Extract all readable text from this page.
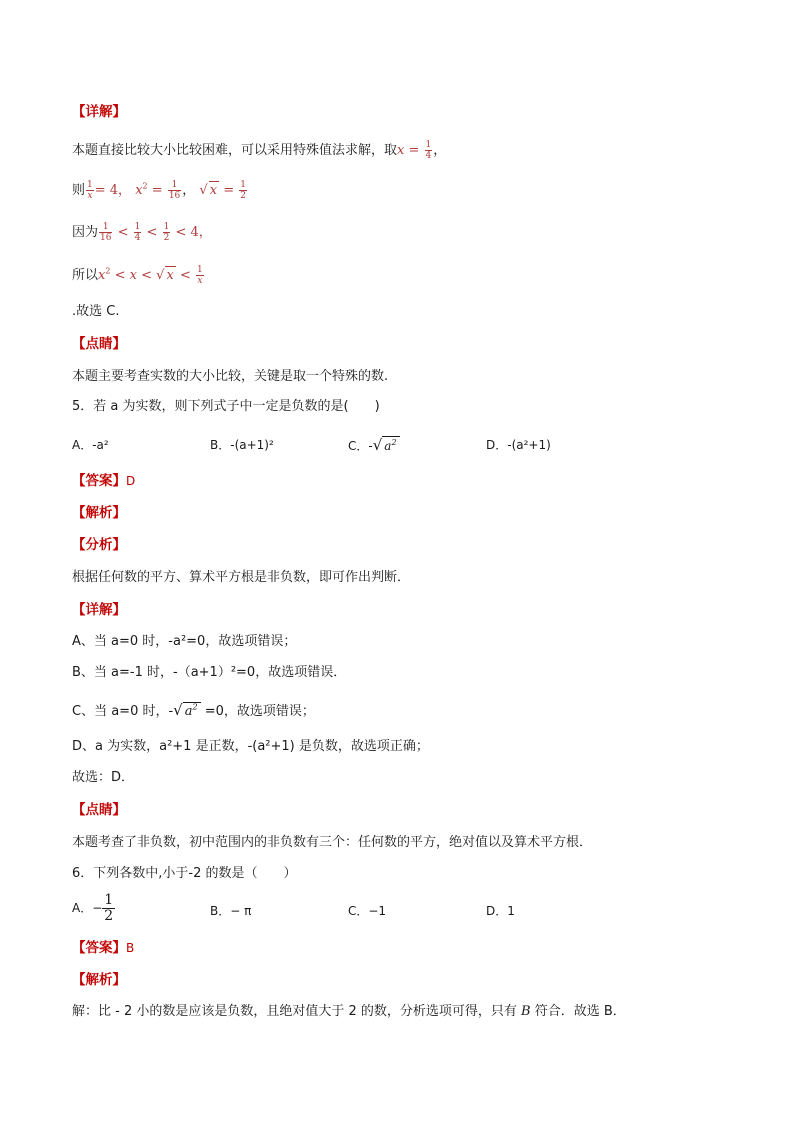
【详解】
本题直接比较大小比较困难，可以采用特殊值法求解，取$x = \frac{1}{4}$ ，
则 $\frac{1}{x} = 4$， $x^2 = \frac{1}{16}$ ， √ $x = \frac{1}{2}$
因为 $\frac{1}{16} < \frac{1}{4} < \frac{1}{2} < 4$，
所以$x^2 < x$ < √ $x < \frac{1}{x}$
.故选 C.
【点睛】
本题主要考查实数的大小比较，关键是取一个特殊的数.
5．若 a 为实数，则下列式子中一定是负数的是(　　)
A．-a²	B．-(a+1)²	C．-√ $a^2$	D．-(a²+1)
【答案】D
【解析】
【分析】
根据任何数的平方、算术平方根是非负数，即可作出判断．
【详解】
A、当 a=0 时，-a²=0，故选项错误；
B、当 a=-1 时，-（a+1）²=0，故选项错误．
C、当 a=0 时，-√ $a^2 =0$，故选项错误；
D、a 为实数，a²+1 是正数，-(a²+1) 是负数，故选项正确；
故选：D．
【点睛】
本题考查了非负数，初中范围内的非负数有三个：任何数的平方，绝对值以及算术平方根．
6．下列各数中,小于-2 的数是（　　）
A．− $\frac{1}{2}$	B．− π	C．−1	D．1
【答案】B
【解析】
解：比 - 2 小的数是应该是负数，且绝对值大于 2 的数，分析选项可得，只有 B 符合．故选 B．
